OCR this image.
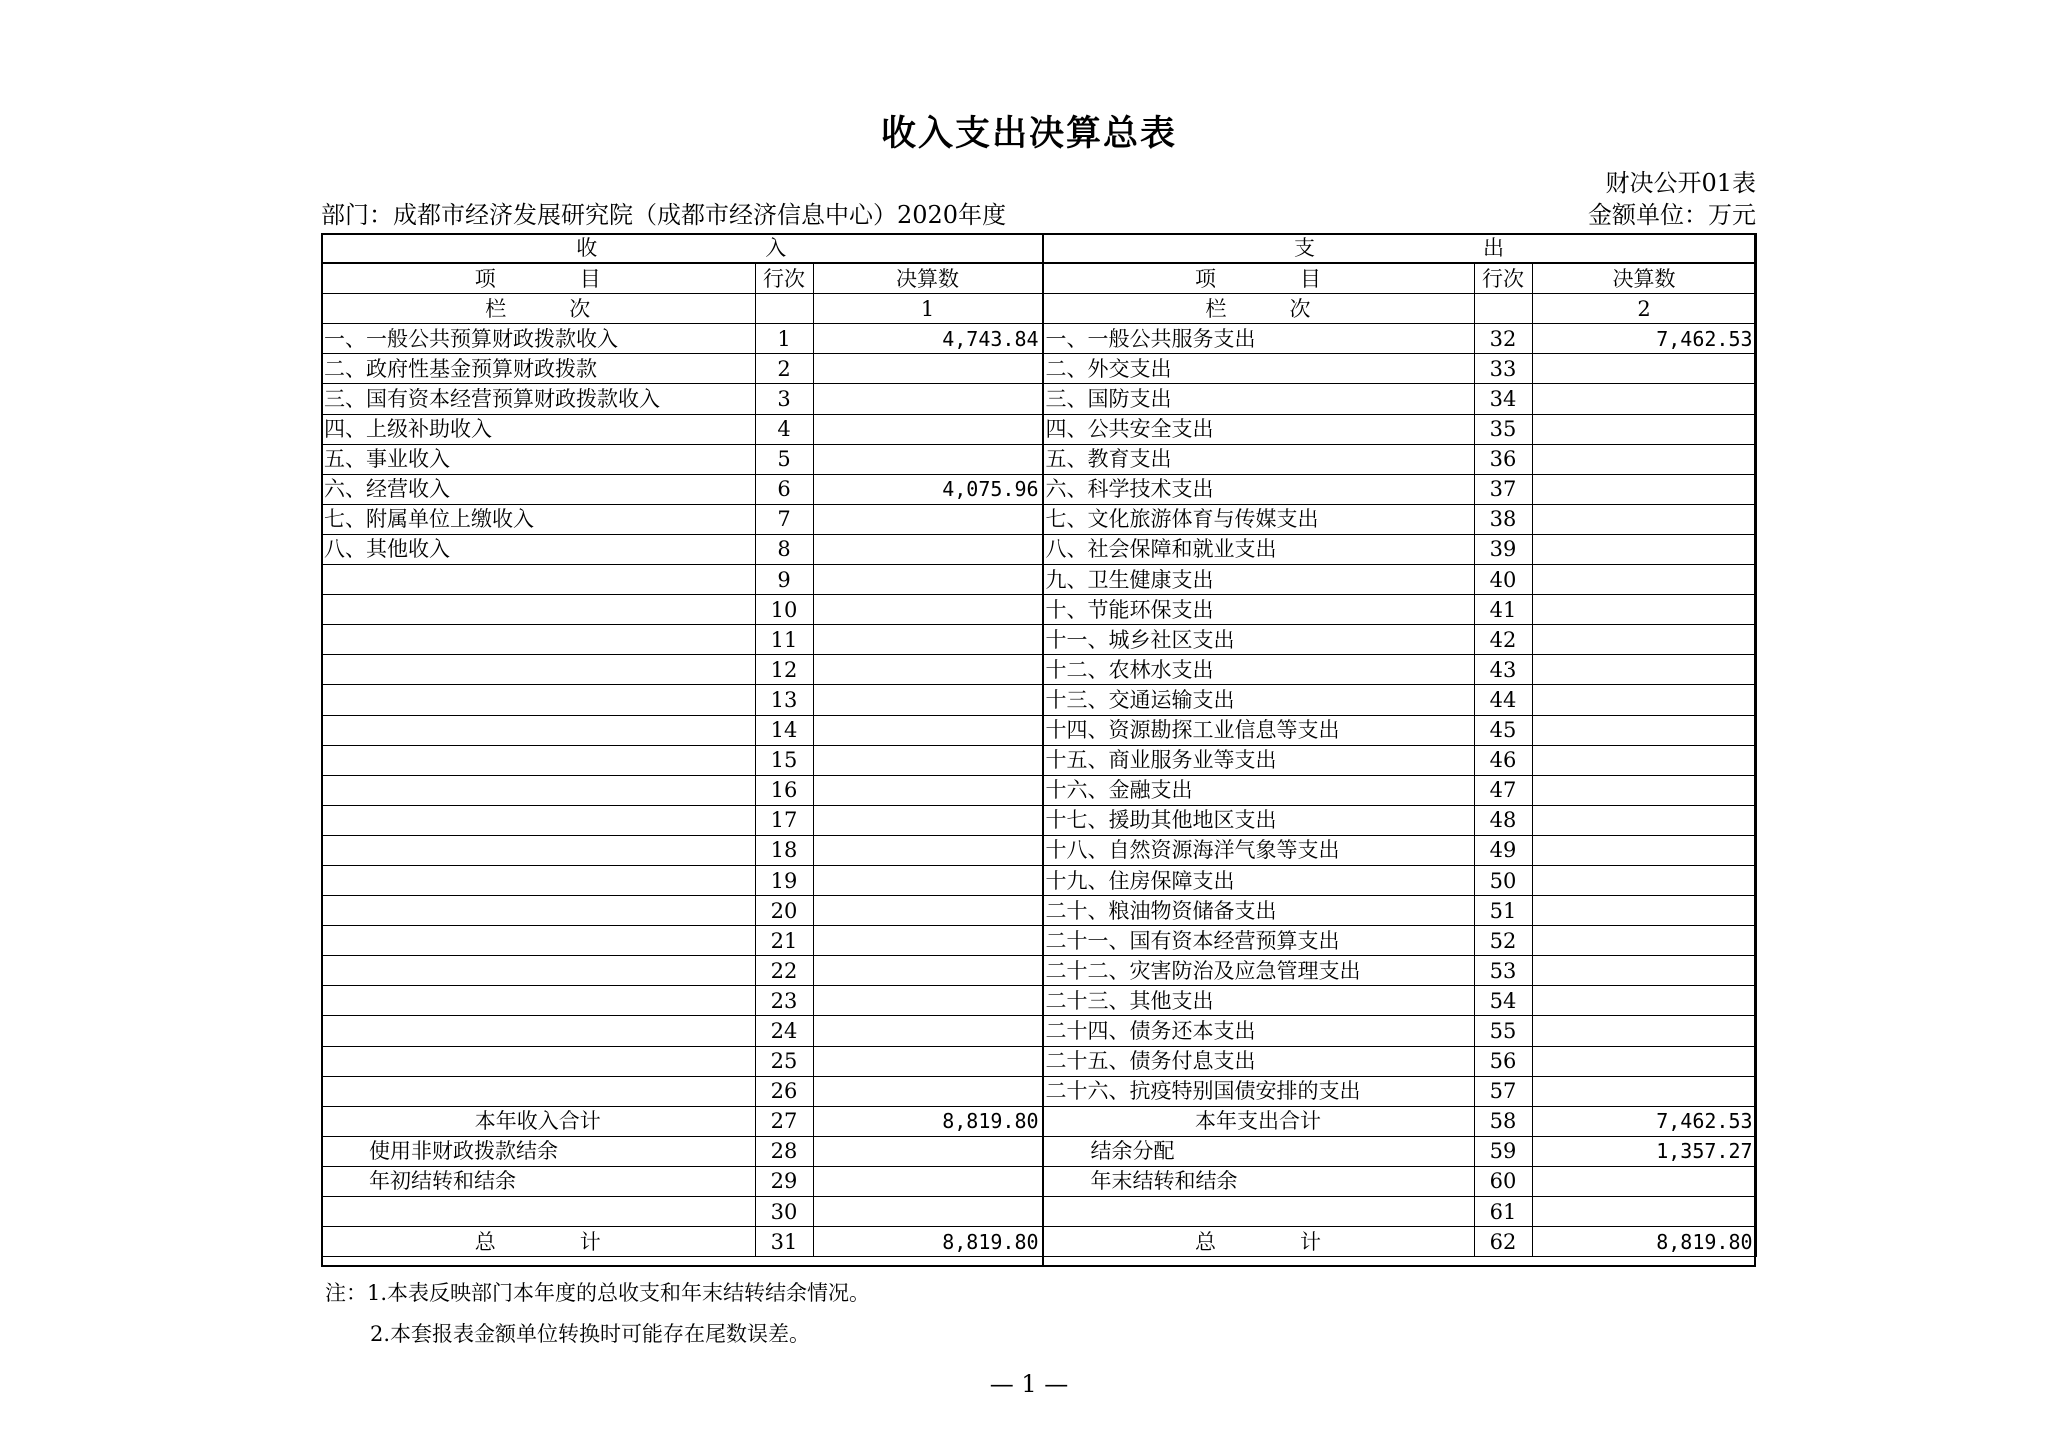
收入支出决算总表
财决公开01表
部门：成都市经济发展研究院（成都市经济信息中心）2020年度	金额单位：万元
收　　　　　　　　入			支　　　　　　　　出		
项　　　　目	行次	决算数	项　　　　目	行次	决算数
栏　　　次		1	栏　　　次		2
一、一般公共预算财政拨款收入	1	4,743.84	一、一般公共服务支出	32	7,462.53
二、政府性基金预算财政拨款	2		二、外交支出	33	
三、国有资本经营预算财政拨款收入	3		三、国防支出	34	
四、上级补助收入	4		四、公共安全支出	35	
五、事业收入	5		五、教育支出	36	
六、经营收入	6	4,075.96	六、科学技术支出	37	
七、附属单位上缴收入	7		七、文化旅游体育与传媒支出	38	
八、其他收入	8		八、社会保障和就业支出	39	
	9		九、卫生健康支出	40	
	10		十、节能环保支出	41	
	11		十一、城乡社区支出	42	
	12		十二、农林水支出	43	
	13		十三、交通运输支出	44	
	14		十四、资源勘探工业信息等支出	45	
	15		十五、商业服务业等支出	46	
	16		十六、金融支出	47	
	17		十七、援助其他地区支出	48	
	18		十八、自然资源海洋气象等支出	49	
	19		十九、住房保障支出	50	
	20		二十、粮油物资储备支出	51	
	21		二十一、国有资本经营预算支出	52	
	22		二十二、灾害防治及应急管理支出	53	
	23		二十三、其他支出	54	
	24		二十四、债务还本支出	55	
	25		二十五、债务付息支出	56	
	26		二十六、抗疫特别国债安排的支出	57	
本年收入合计	27	8,819.80	本年支出合计	58	7,462.53
使用非财政拨款结余	28		结余分配	59	1,357.27
年初结转和结余	29		年末结转和结余	60	
	30			61	
总　　　　计	31	8,819.80	总　　　　计	62	8,819.80
注：1.本表反映部门本年度的总收支和年末结转结余情况。
2.本套报表金额单位转换时可能存在尾数误差。
— 1 —
